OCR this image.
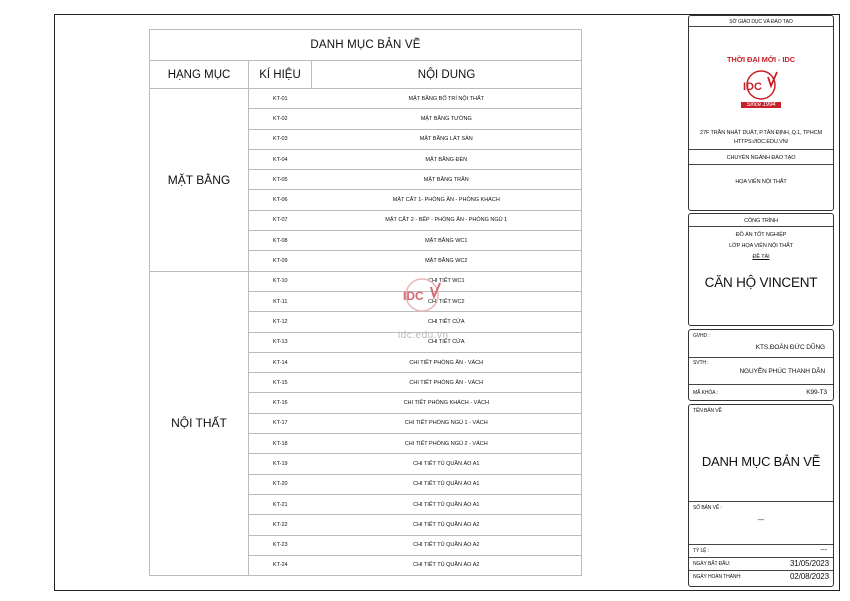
DANH MỤC BẢN VẼ		
HẠNG MỤC	KÍ HIỆU	NỘI DUNG
MẶT BẰNG	KT-01	MẶT BẰNG BỐ TRÍ NỘI THẤT
	KT-02	MẶT BẰNG TƯỜNG
	KT-03	MẶT BẰNG LÁT SÀN
	KT-04	MẶT BẰNG ĐÈN
	KT-05	MẶT BẰNG TRẦN
	KT-06	MẶT CẮT 1- PHÒNG ĂN - PHÒNG KHÁCH
	KT-07	MẶT CẮT 2 - BẾP - PHÒNG ĂN - PHÒNG NGỦ 1
	KT-08	MẶT BẰNG WC1
	KT-09	MẶT BẰNG WC2
NỘI THẤT	KT-10	CHI TIẾT WC1
	KT-11	CHI TIẾT WC2
	KT-12	CHI TIẾT CỬA
	KT-13	CHI TIẾT CỬA
	KT-14	CHI TIẾT PHÒNG ĂN - VÁCH
	KT-15	CHI TIẾT PHÒNG ĂN - VÁCH
	KT-16	CHI TIẾT PHÒNG KHÁCH - VÁCH
	KT-17	CHI TIẾT PHÒNG NGỦ 1 - VÁCH
	KT-18	CHI TIẾT PHÒNG NGỦ 2 - VÁCH
	KT-19	CHI TIẾT TỦ QUẦN ÁO A1
	KT-20	CHI TIẾT TỦ QUẦN ÁO A1
	KT-21	CHI TIẾT TỦ QUẦN ÁO A1
	KT-22	CHI TIẾT TỦ QUẦN ÁO A2
	KT-23	CHI TIẾT TỦ QUẦN ÁO A2
	KT-24	CHI TIẾT TỦ QUẦN ÁO A2
IDC
idc.edu.vn
SỞ GIÁO DỤC VÀ ĐÀO TẠO
THỜI ĐẠI MỚI - IDC
IDC
Since 1994
27F TRẦN NHẬT DUẬT, P.TÂN ĐỊNH, Q.1, TPHCM
HTTPS://IDC.EDU.VN/
CHUYÊN NGÀNH ĐÀO TẠO
HỌA VIÊN NỘI THẤT
CÔNG TRÌNH
ĐỒ ÁN TỐT NGHIỆP
LỚP HỌA VIÊN NỘI THẤT
ĐỀ TÀI
CĂN HỘ VINCENT
GVHD :
KTS.ĐOÀN ĐỨC DŨNG
SVTH :
NGUYỄN PHÚC THANH DÂN
MÃ KHÓA :	K99-T3
TÊN BẢN VẼ
DANH MỤC BẢN VẼ
SỐ BẢN VẼ :
---
TỶ LỆ :	---
NGÀY BẮT ĐẦU:	31/05/2023
NGÀY HOÀN THÀNH:	02/08/2023
